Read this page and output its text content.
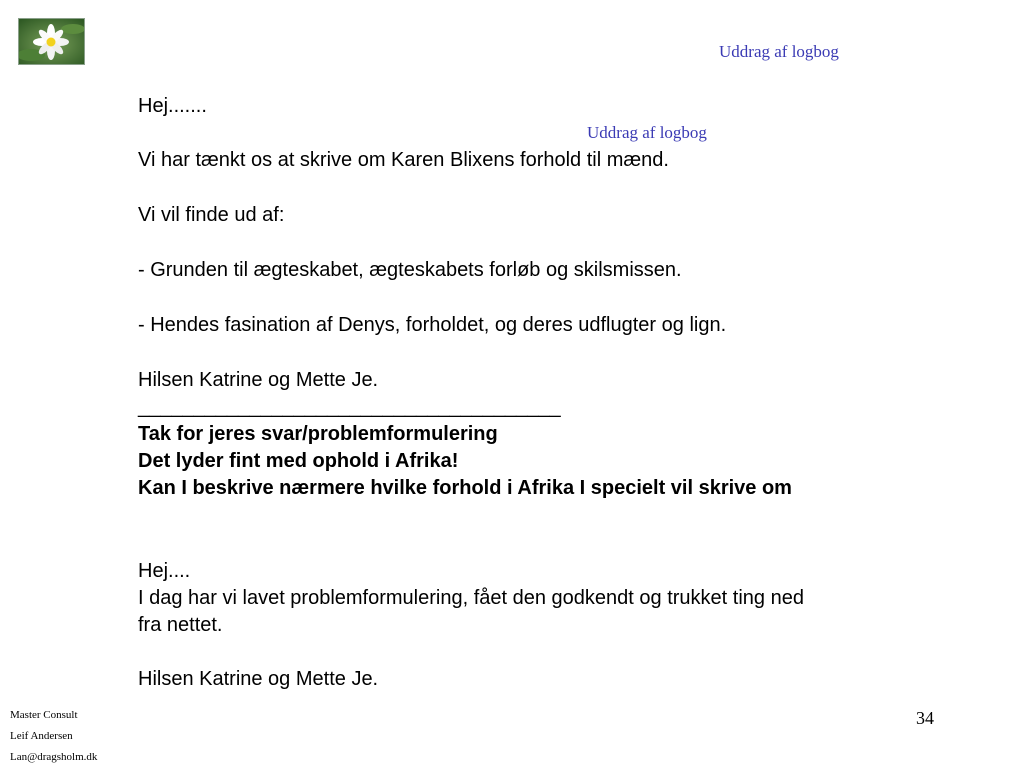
Uddrag af logbog
Uddrag af logbog
Hej.......
Vi har tænkt os at skrive om Karen Blixens forhold til mænd.
Vi vil finde ud af:
- Grunden til ægteskabet, ægteskabets forløb og skilsmissen.
- Hendes fasination af Denys, forholdet, og deres udflugter og lign.
Hilsen Katrine og Mette Je.
______________________________________
Tak for jeres svar/problemformulering
Det lyder fint med ophold i Afrika!
Kan I beskrive nærmere hvilke forhold i Afrika I specielt vil skrive om
Hej....
I dag har vi lavet problemformulering, fået den godkendt og trukket ting ned
fra nettet.
Hilsen Katrine og Mette Je.
34
Master Consult
Leif Andersen
Lan@dragsholm.dk
